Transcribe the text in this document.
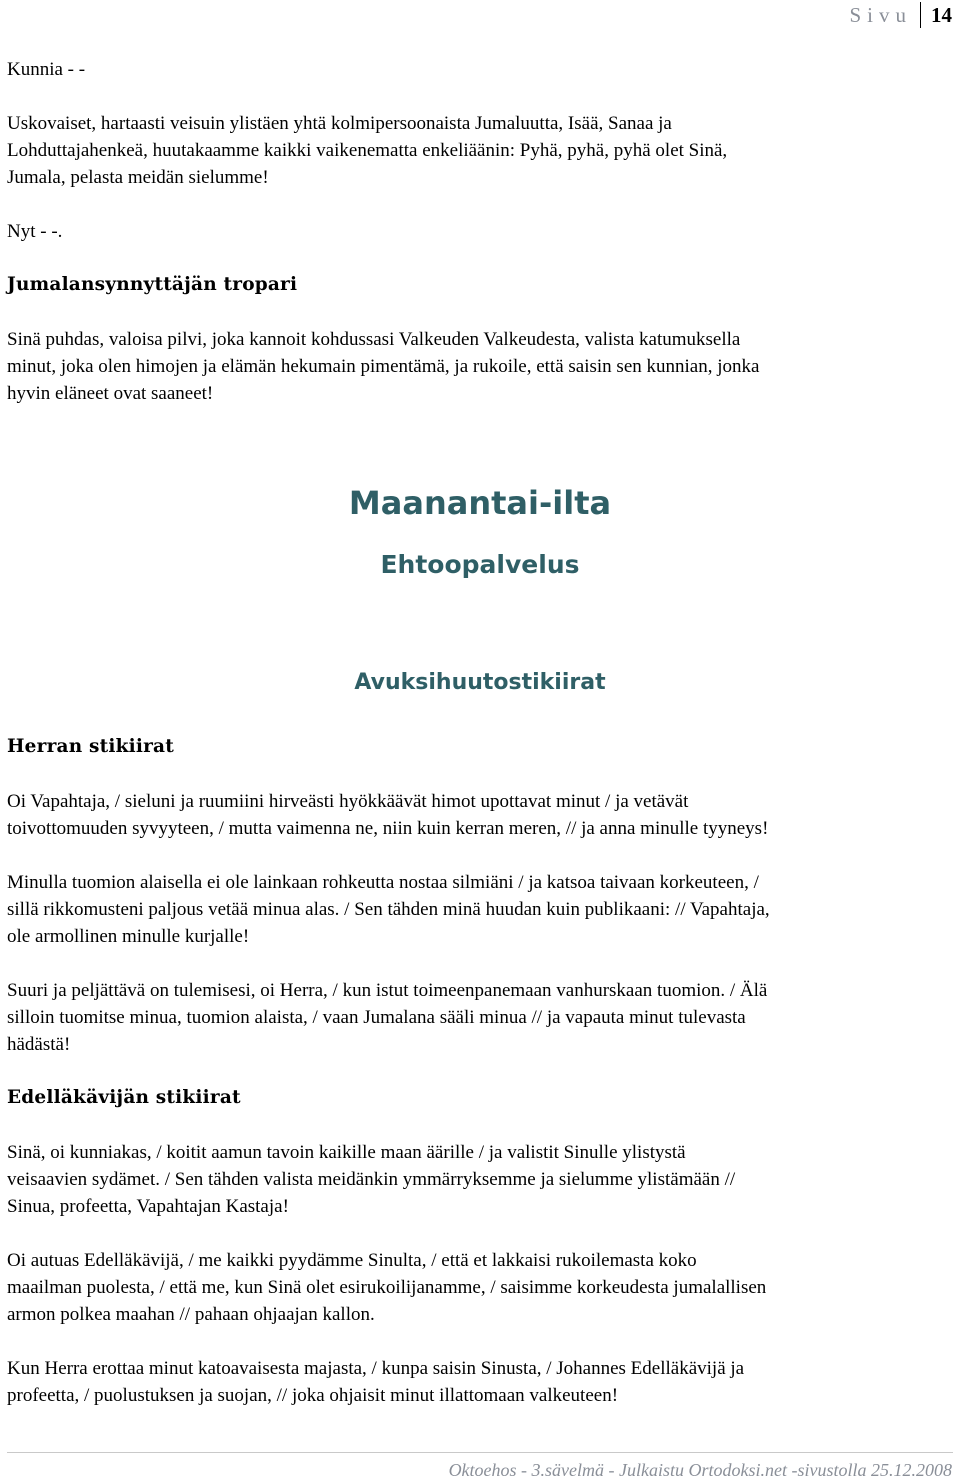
Sivu 14

Kunnia - -

Uskovaiset, hartaasti veisuin ylistäen yhtä kolmipersoonaista Jumaluutta, Isää, Sanaa ja
Lohduttajahenkeä, huutakaamme kaikki vaikenematta enkeliäänin: Pyhä, pyhä, pyhä olet Sinä,
Jumala, pelasta meidän sielumme!

Nyt - -.

Jumalansynnyttäjän tropari

Sinä puhdas, valoisa pilvi, joka kannoit kohdussasi Valkeuden Valkeudesta, valista katumuksella
minut, joka olen himojen ja elämän hekumain pimentämä, ja rukoile, että saisin sen kunnian, jonka
hyvin eläneet ovat saaneet!

Herran stikiirat

Oi Vapahtaja, / sieluni ja ruumiini hirveästi hyökkäävät himot upottavat minut / ja vetävät
toivottomuuden syvyyteen, / mutta vaimenna ne, niin kuin kerran meren, // ja anna minulle tyyneys!

Minulla tuomion alaisella ei ole lainkaan rohkeutta nostaa silmiäni / ja katsoa taivaan korkeuteen, /
sillä rikkomusteni paljous vetää minua alas. / Sen tähden minä huudan kuin publikaani: // Vapahtaja,
ole armollinen minulle kurjalle!

Suuri ja peljättävä on tulemisesi, oi Herra, / kun istut toimeenpanemaan vanhurskaan tuomion. / Älä
silloin tuomitse minua, tuomion alaista, / vaan Jumalana sääli minua // ja vapauta minut tulevasta
hädästä!

Edelläkävijän stikiirat

Sinä, oi kunniakas, / koitit aamun tavoin kaikille maan äärille / ja valistit Sinulle ylistystä
veisaavien sydämet. / Sen tähden valista meidänkin ymmärryksemme ja sielumme ylistämään //
Sinua, profeetta, Vapahtajan Kastaja!

Oi autuas Edelläkävijä, / me kaikki pyydämme Sinulta, / että et lakkaisi rukoilemasta koko
maailman puolesta, / että me, kun Sinä olet esirukoilijanamme, / saisimme korkeudesta jumalallisen
armon polkea maahan // pahaan ohjaajan kallon.

Kun Herra erottaa minut katoavaisesta majasta, / kunpa saisin Sinusta, / Johannes Edelläkävijä ja
profeetta, / puolustuksen ja suojan, // joka ohjaisit minut illattomaan valkeuteen!

Maanantai-ilta
Ehtoopalvelus
Avuksihuutostikiirat
Oktoehos - 3.sävelmä - Julkaistu Ortodoksi.net -sivustolla 25.12.2008
